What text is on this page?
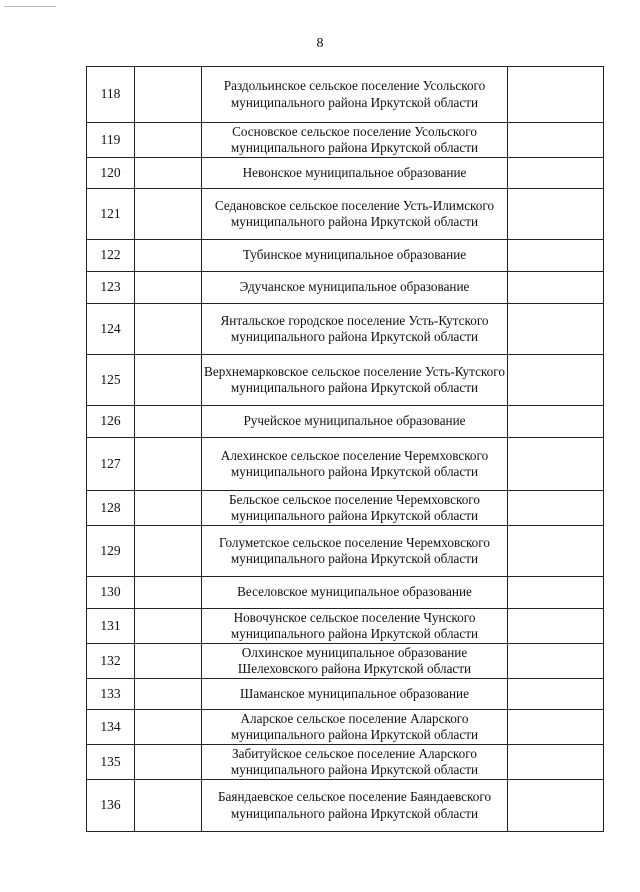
8
118		Раздольинское сельское поселение Усольского муниципального района Иркутской области	
119		Сосновское сельское поселение Усольского муниципального района Иркутской области	
120		Невонское муниципальное образование	
121		Седановское сельское поселение Усть-Илимского муниципального района Иркутской области	
122		Тубинское муниципальное образование	
123		Эдучанское муниципальное образование	
124		Янтальское городское поселение Усть-Кутского муниципального района Иркутской области	
125		Верхнемарковское сельское поселение Усть-Кутского муниципального района Иркутской области	
126		Ручейское муниципальное образование	
127		Алехинское сельское поселение Черемховского муниципального района Иркутской области	
128		Бельское сельское поселение Черемховского муниципального района Иркутской области	
129		Голуметское сельское поселение Черемховского муниципального района Иркутской области	
130		Веселовское муниципальное образование	
131		Новочунское сельское поселение Чунского муниципального района Иркутской области	
132		Олхинское муниципальное образование Шелеховского района Иркутской области	
133		Шаманское муниципальное образование	
134		Аларское сельское поселение Аларского муниципального района Иркутской области	
135		Забитуйское сельское поселение Аларского муниципального района Иркутской области	
136		Баяндаевское сельское поселение Баяндаевского муниципального района Иркутской области	
